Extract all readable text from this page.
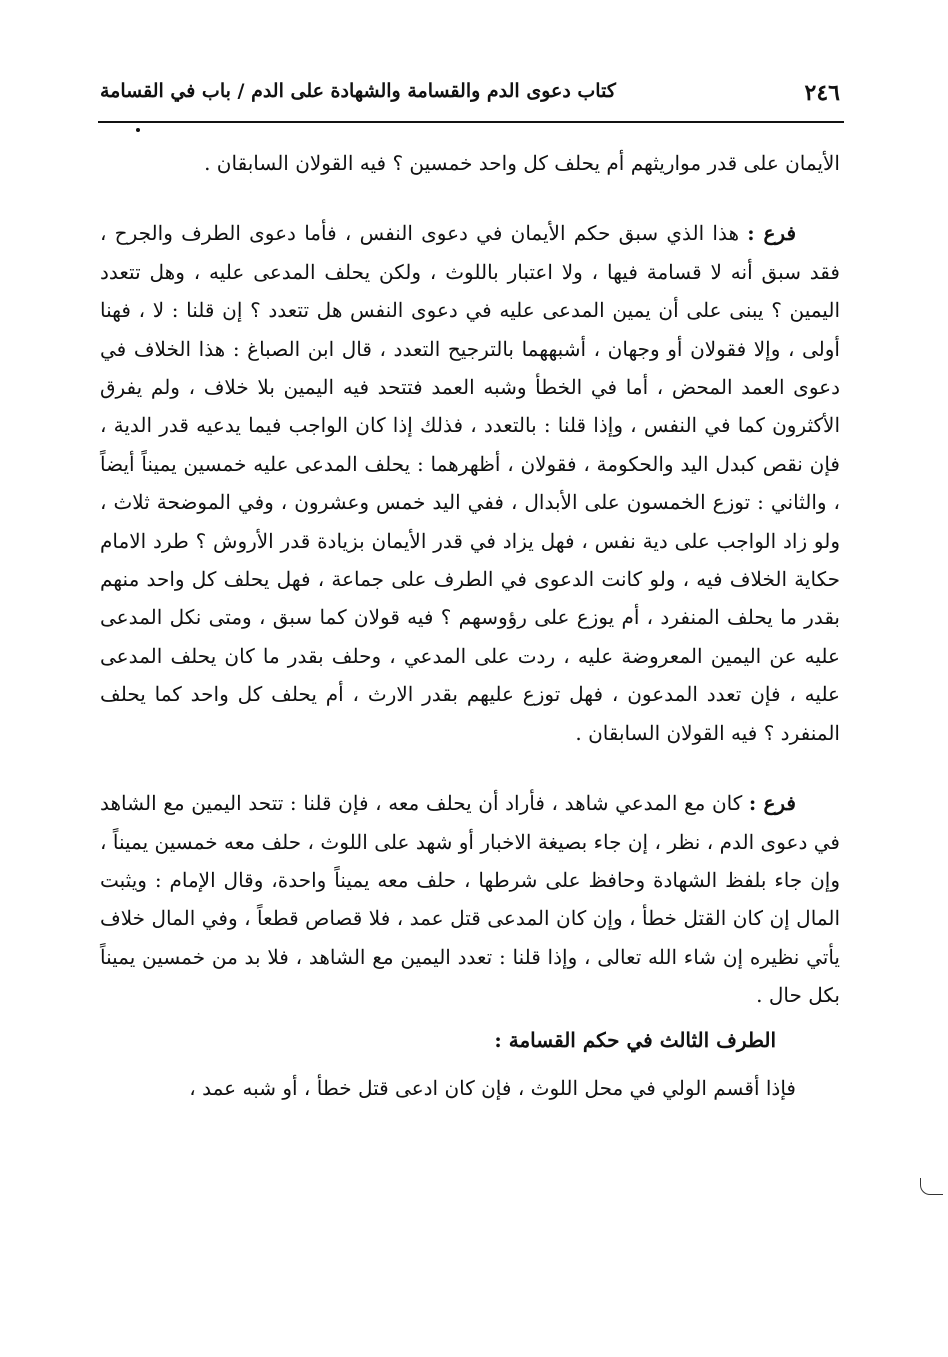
٢٤٦
كتاب دعوى الدم والقسامة والشهادة على الدم / باب في القسامة

الأيمان على قدر مواريثهم أم يحلف كل واحد خمسين ؟ فيه القولان السابقان .

فرع : هذا الذي سبق حكم الأيمان في دعوى النفس ، فأما دعوى الطرف والجرح ، فقد سبق أنه لا قسامة فيها ، ولا اعتبار باللوث ، ولكن يحلف المدعى عليه ، وهل تتعدد اليمين ؟ يبنى على أن يمين المدعى عليه في دعوى النفس هل تتعدد ؟ إن قلنا : لا ، فهنا أولى ، وإلا فقولان أو وجهان ، أشبههما بالترجيح التعدد ، قال ابن الصباغ : هذا الخلاف في دعوى العمد المحض ، أما في الخطأ وشبه العمد فتتحد فيه اليمين بلا خلاف ، ولم يفرق الأكثرون كما في النفس ، وإذا قلنا : بالتعدد ، فذلك إذا كان الواجب فيما يدعيه قدر الدية ، فإن نقص كبدل اليد والحكومة ، فقولان ، أظهرهما : يحلف المدعى عليه خمسين يميناً أيضاً ، والثاني : توزع الخمسون على الأبدال ، ففي اليد خمس وعشرون ، وفي الموضحة ثلاث ، ولو زاد الواجب على دية نفس ، فهل يزاد في قدر الأيمان بزيادة قدر الأروش ؟ طرد الامام حكاية الخلاف فيه ، ولو كانت الدعوى في الطرف على جماعة ، فهل يحلف كل واحد منهم بقدر ما يحلف المنفرد ، أم يوزع على رؤوسهم ؟ فيه قولان كما سبق ، ومتى نكل المدعى عليه عن اليمين المعروضة عليه ، ردت على المدعي ، وحلف بقدر ما كان يحلف المدعى عليه ، فإن تعدد المدعون ، فهل توزع عليهم بقدر الارث ، أم يحلف كل واحد كما يحلف المنفرد ؟ فيه القولان السابقان .

فرع : كان مع المدعي شاهد ، فأراد أن يحلف معه ، فإن قلنا : تتحد اليمين مع الشاهد في دعوى الدم ، نظر ، إن جاء بصيغة الاخبار أو شهد على اللوث ، حلف معه خمسين يميناً ، وإن جاء بلفظ الشهادة وحافظ على شرطها ، حلف معه يميناً واحدة، وقال الإمام : ويثبت المال إن كان القتل خطأ ، وإن كان المدعى قتل عمد ، فلا قصاص قطعاً ، وفي المال خلاف يأتي نظيره إن شاء الله تعالى ، وإذا قلنا : تعدد اليمين مع الشاهد ، فلا بد من خمسين يميناً بكل حال .

الطرف الثالث في حكم القسامة :

فإذا أقسم الولي في محل اللوث ، فإن كان ادعى قتل خطأ ، أو شبه عمد ،
